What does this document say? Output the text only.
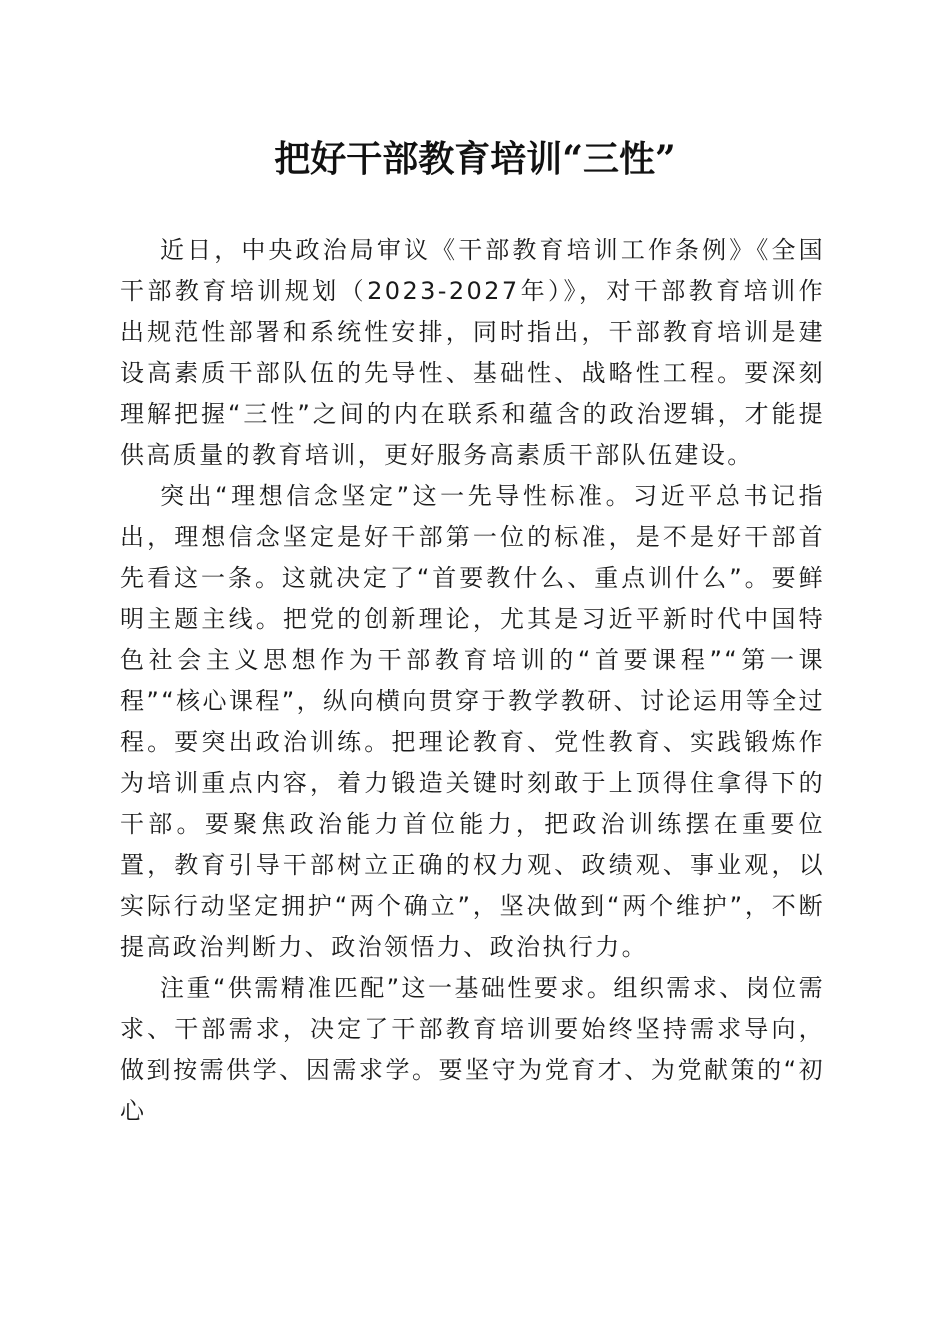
把好干部教育培训“三性”

近日，中央政治局审议《干部教育培训工作条例》《全国干部教育培训规划（2023-2027年）》，对干部教育培训作出规范性部署和系统性安排，同时指出，干部教育培训是建设高素质干部队伍的先导性、基础性、战略性工程。要深刻理解把握“三性”之间的内在联系和蕴含的政治逻辑，才能提供高质量的教育培训，更好服务高素质干部队伍建设。

突出“理想信念坚定”这一先导性标准。习近平总书记指出，理想信念坚定是好干部第一位的标准，是不是好干部首先看这一条。这就决定了“首要教什么、重点训什么”。要鲜明主题主线。把党的创新理论，尤其是习近平新时代中国特色社会主义思想作为干部教育培训的“首要课程”“第一课程”“核心课程”，纵向横向贯穿于教学教研、讨论运用等全过程。要突出政治训练。把理论教育、党性教育、实践锻炼作为培训重点内容，着力锻造关键时刻敢于上顶得住拿得下的干部。要聚焦政治能力首位能力，把政治训练摆在重要位置，教育引导干部树立正确的权力观、政绩观、事业观，以实际行动坚定拥护“两个确立”，坚决做到“两个维护”，不断提高政治判断力、政治领悟力、政治执行力。

注重“供需精准匹配”这一基础性要求。组织需求、岗位需求、干部需求，决定了干部教育培训要始终坚持需求导向，做到按需供学、因需求学。要坚守为党育才、为党献策的“初心
